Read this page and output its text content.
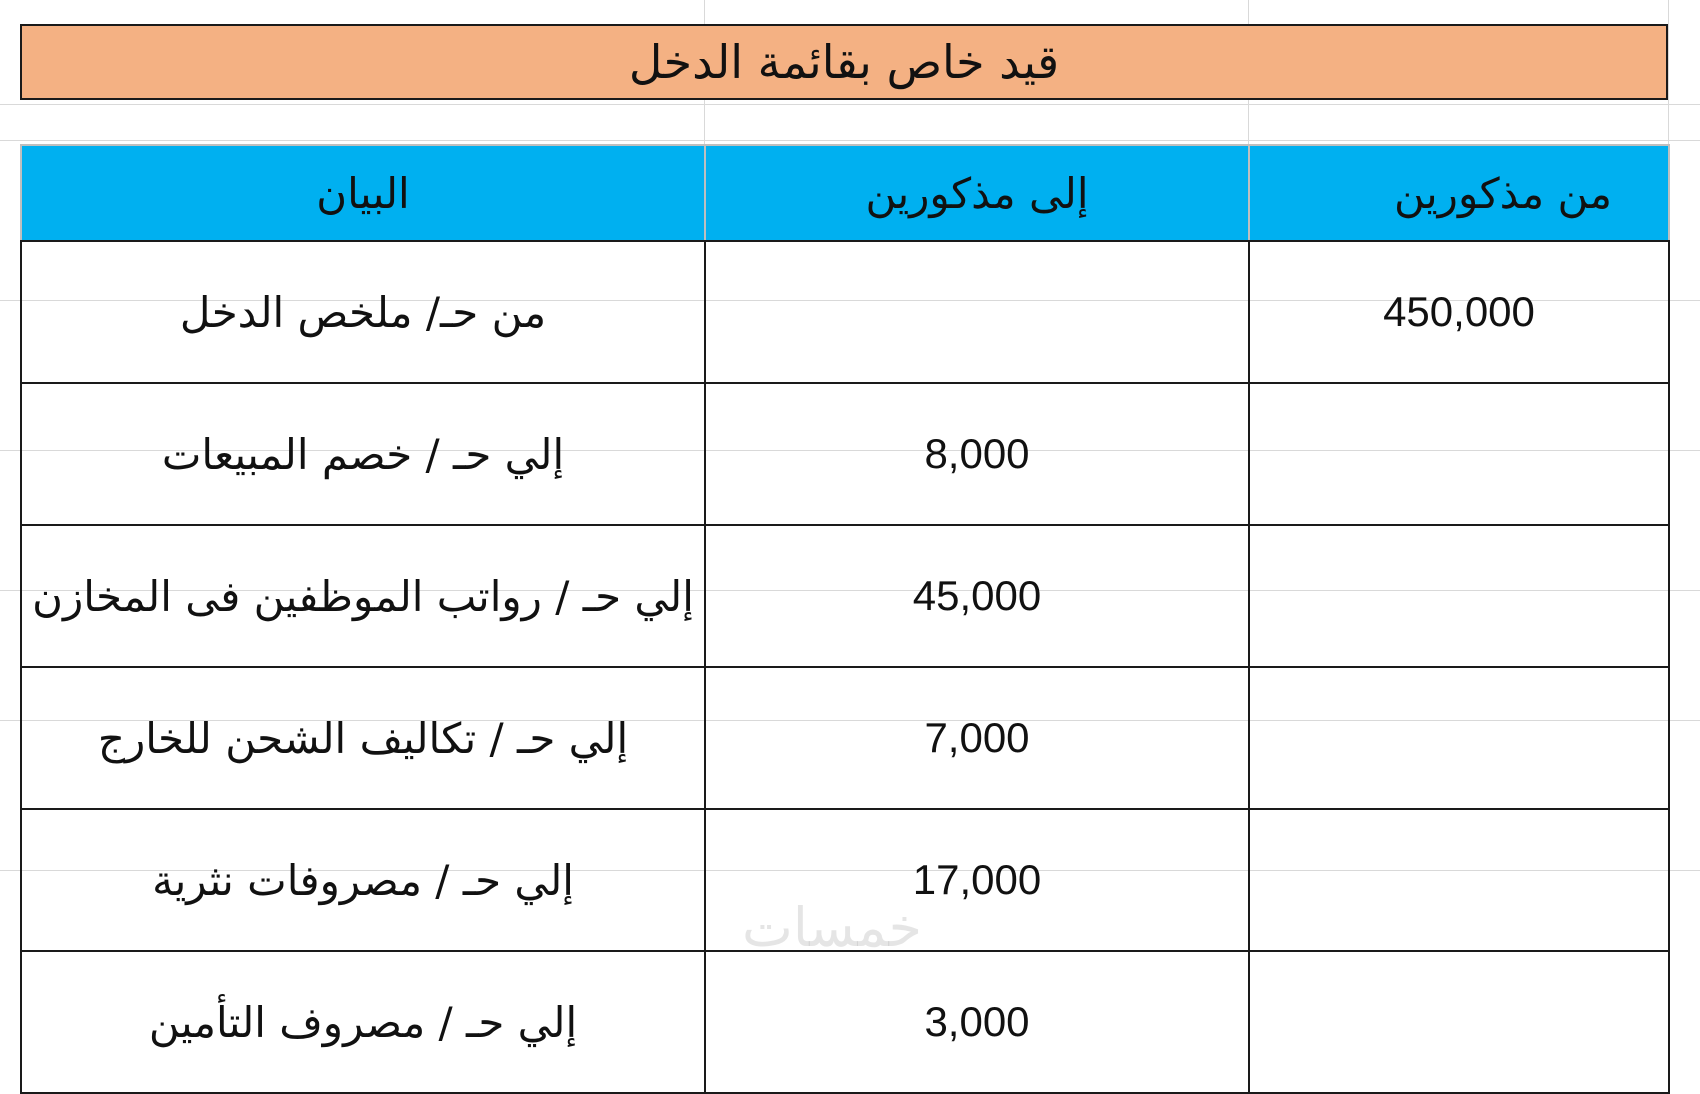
قيد خاص بقائمة الدخل
البيان	إلى مذكورين	من مذكورين
من حـ/ ملخص الدخل		450,000
إلي حـ / خصم المبيعات	8,000	
إلي حـ / رواتب الموظفين فى المخازن	45,000	
إلي حـ / تكاليف الشحن للخارج	7,000	
إلي حـ / مصروفات نثرية	17,000	
إلي حـ / مصروف التأمين	3,000	
خمسات
